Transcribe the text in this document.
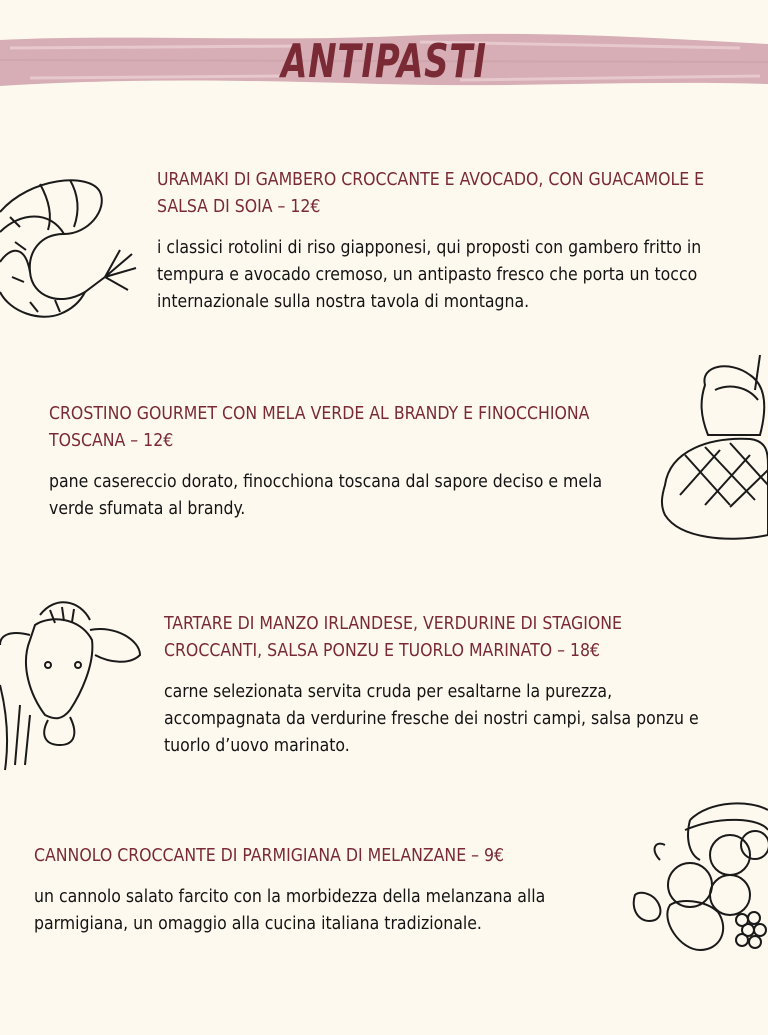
ANTIPASTI

URAMAKI DI GAMBERO CROCCANTE E AVOCADO, CON GUACAMOLE E SALSA DI SOIA – 12€

i classici rotolini di riso giapponesi, qui proposti con gambero fritto in tempura e avocado cremoso, un antipasto fresco che porta un tocco internazionale sulla nostra tavola di montagna.

CROSTINO GOURMET CON MELA VERDE AL BRANDY E FINOCCHIONA TOSCANA – 12€

pane casereccio dorato, finocchiona toscana dal sapore deciso e mela verde sfumata al brandy.

TARTARE DI MANZO IRLANDESE, VERDURINE DI STAGIONE CROCCANTI, SALSA PONZU E TUORLO MARINATO – 18€

carne selezionata servita cruda per esaltarne la purezza, accompagnata da verdurine fresche dei nostri campi, salsa ponzu e tuorlo d’uovo marinato.

CANNOLO CROCCANTE DI PARMIGIANA DI MELANZANE – 9€

un cannolo salato farcito con la morbidezza della melanzana alla parmigiana, un omaggio alla cucina italiana tradizionale.
